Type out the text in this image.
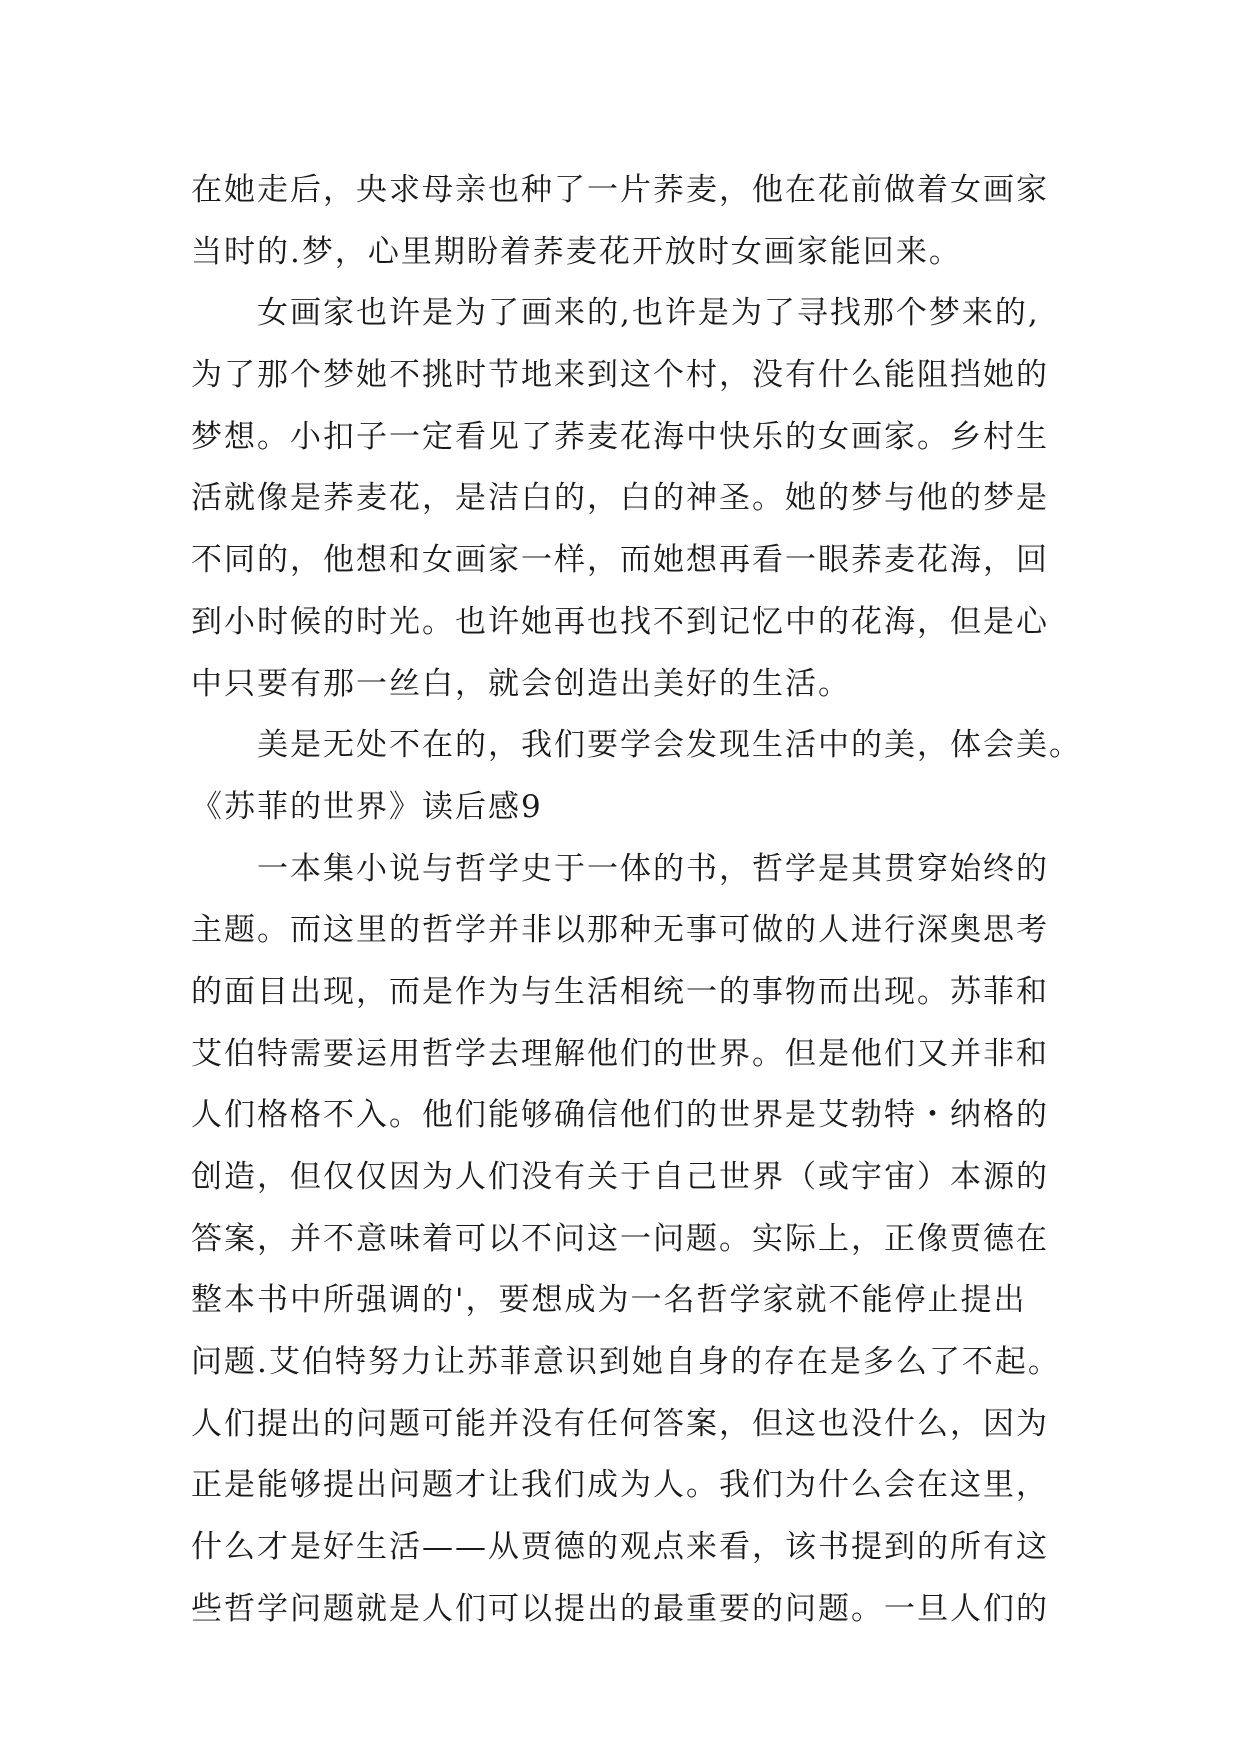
在她走后，央求母亲也种了一片荞麦，他在花前做着女画家
当时的.梦，心里期盼着荞麦花开放时女画家能回来。
女画家也许是为了画来的,也许是为了寻找那个梦来的,
为了那个梦她不挑时节地来到这个村，没有什么能阻挡她的
梦想。小扣子一定看见了荞麦花海中快乐的女画家。乡村生
活就像是荞麦花，是洁白的，白的神圣。她的梦与他的梦是
不同的，他想和女画家一样，而她想再看一眼荞麦花海，回
到小时候的时光。也许她再也找不到记忆中的花海，但是心
中只要有那一丝白，就会创造出美好的生活。
美是无处不在的，我们要学会发现生活中的美，体会美。
《苏菲的世界》读后感9
一本集小说与哲学史于一体的书，哲学是其贯穿始终的
主题。而这里的哲学并非以那种无事可做的人进行深奥思考
的面目出现，而是作为与生活相统一的事物而出现。苏菲和
艾伯特需要运用哲学去理解他们的世界。但是他们又并非和
人们格格不入。他们能够确信他们的世界是艾勃特・纳格的
创造，但仅仅因为人们没有关于自己世界（或宇宙）本源的
答案，并不意味着可以不问这一问题。实际上，正像贾德在
整本书中所强调的'，要想成为一名哲学家就不能停止提出
问题.艾伯特努力让苏菲意识到她自身的存在是多么了不起。
人们提出的问题可能并没有任何答案，但这也没什么，因为
正是能够提出问题才让我们成为人。我们为什么会在这里，
什么才是好生活——从贾德的观点来看，该书提到的所有这
些哲学问题就是人们可以提出的最重要的问题。一旦人们的
